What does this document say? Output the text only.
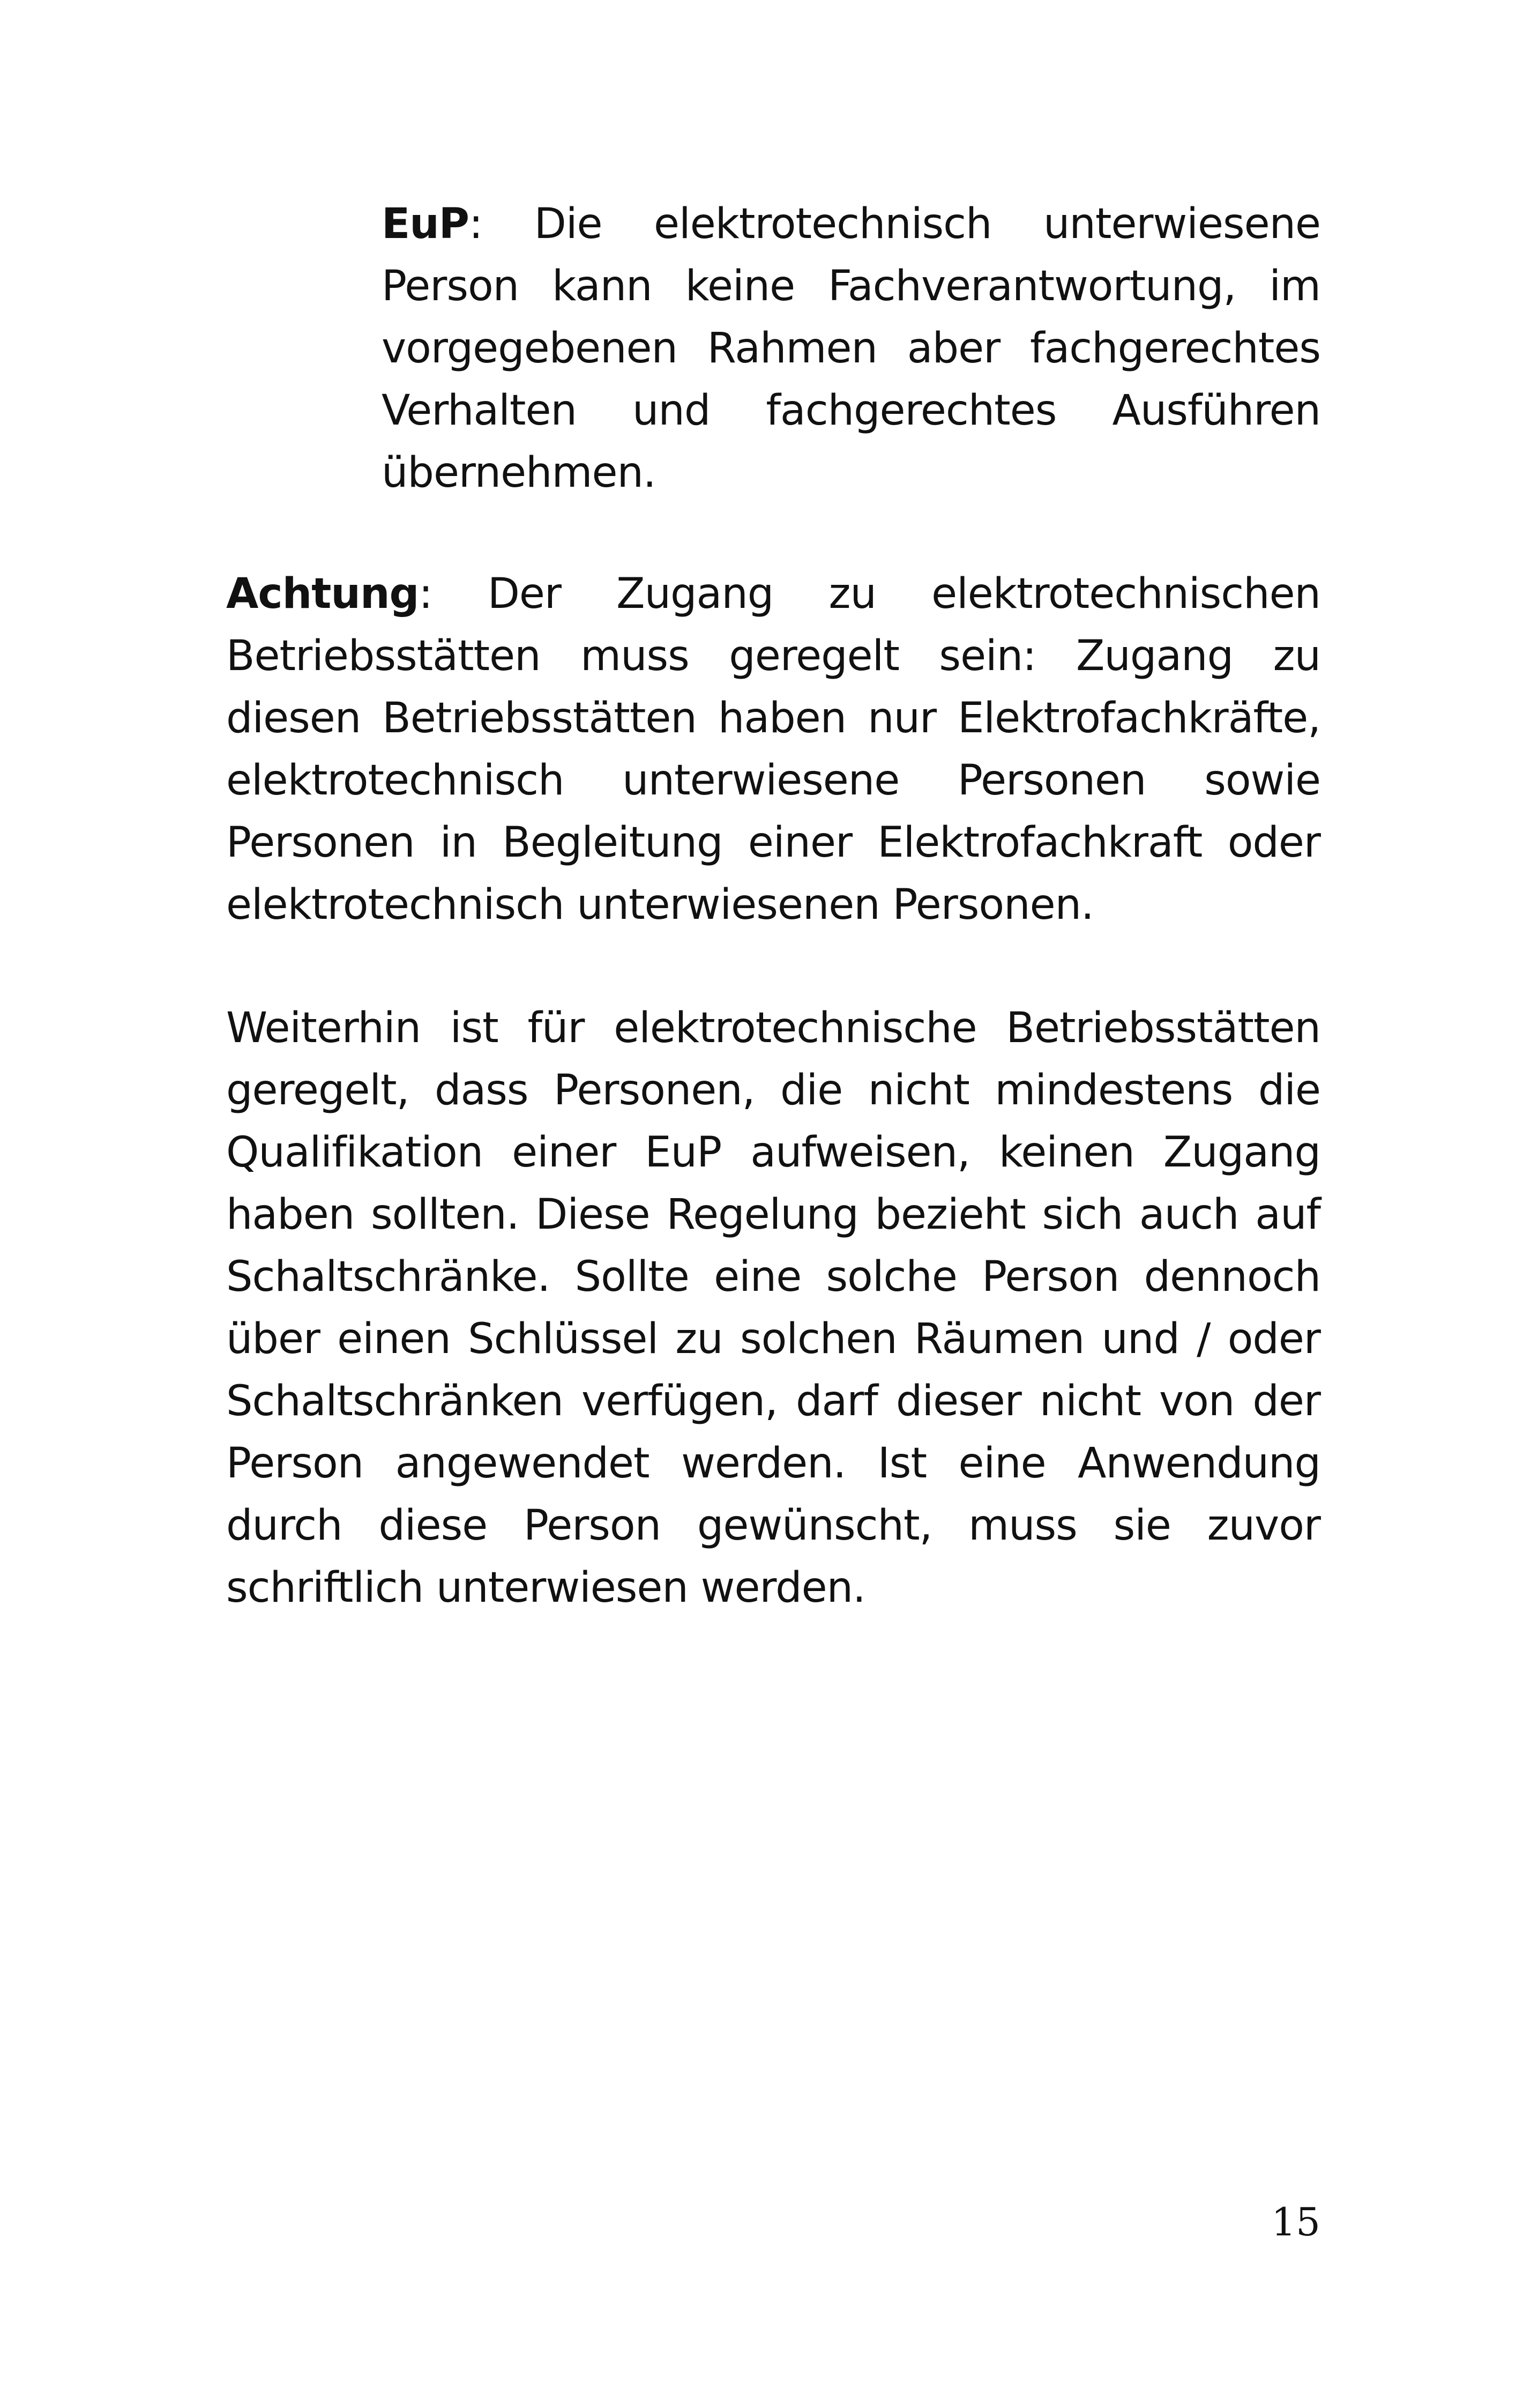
EuP: Die elektrotechnisch unterwiesene Person kann keine Fachverantwortung, im vorgegebenen Rahmen aber fachgerechtes Verhalten und fachgerechtes Ausführen übernehmen.

Achtung: Der Zugang zu elektrotechnischen Betriebsstätten muss geregelt sein: Zugang zu diesen Betriebsstätten haben nur Elektrofachkräfte, elektrotechnisch unterwiesene Personen sowie Personen in Begleitung einer Elektrofachkraft oder elektrotechnisch unterwiesenen Personen.

Weiterhin ist für elektrotechnische Betriebsstätten geregelt, dass Personen, die nicht mindestens die Qualifikation einer EuP aufweisen, keinen Zugang haben sollten. Diese Regelung bezieht sich auch auf Schaltschränke. Sollte eine solche Person dennoch über einen Schlüssel zu solchen Räumen und / oder Schaltschränken verfügen, darf dieser nicht von der Person angewendet werden. Ist eine Anwendung durch diese Person gewünscht, muss sie zuvor schriftlich unterwiesen werden.

15
